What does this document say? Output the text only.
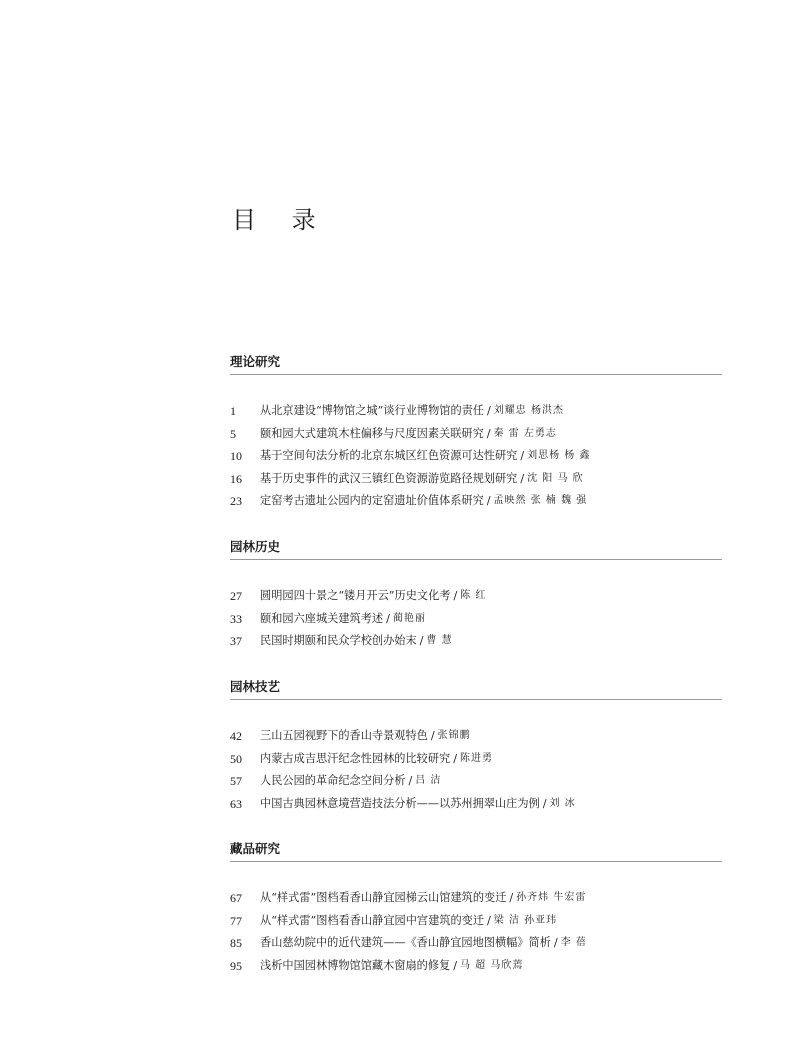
目 录
理论研究
1	从北京建设“博物馆之城”谈行业博物馆的责任 / 刘耀忠 杨洪杰
5	颐和园大式建筑木柱偏移与尺度因素关联研究 / 秦 雷 左勇志
10	基于空间句法分析的北京东城区红色资源可达性研究 / 刘思杨 杨 鑫
16	基于历史事件的武汉三镇红色资源游览路径规划研究 / 沈 阳 马 欣
23	定窑考古遗址公园内的定窑遗址价值体系研究 / 孟映然 张 楠 魏 强
园林历史
27	圆明园四十景之“镂月开云”历史文化考 / 陈 红
33	颐和园六座城关建筑考述 / 蔺艳丽
37	民国时期颐和民众学校创办始末 / 曹 慧
园林技艺
42	三山五园视野下的香山寺景观特色 / 张锦鹏
50	内蒙古成吉思汗纪念性园林的比较研究 / 陈进勇
57	人民公园的革命纪念空间分析 / 吕 洁
63	中国古典园林意境营造技法分析——以苏州拥翠山庄为例 / 刘 冰
藏品研究
67	从“样式雷”图档看香山静宜园梯云山馆建筑的变迁 / 孙齐炜 牛宏雷
77	从“样式雷”图档看香山静宜园中宫建筑的变迁 / 梁 洁 孙亚玮
85	香山慈幼院中的近代建筑——《香山静宜园地图横幅》简析 / 李 蓓
95	浅析中国园林博物馆馆藏木窗扇的修复 / 马 超 马欣蔫
